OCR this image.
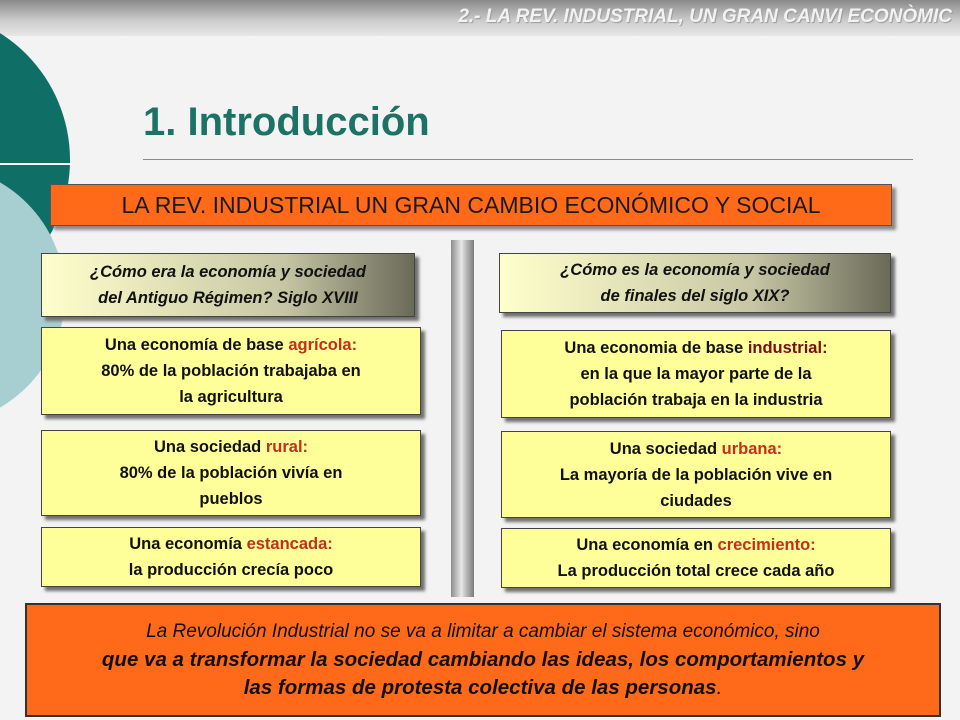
2.- LA REV. INDUSTRIAL, UN GRAN CANVI ECONÒMIC
1. Introducción
LA REV. INDUSTRIAL UN GRAN CAMBIO ECONÓMICO Y SOCIAL
¿Cómo era la economía y sociedad
del Antiguo Régimen? Siglo XVIII
Una economía de base agrícola:
80% de la población trabajaba en
la agricultura
Una sociedad rural:
80% de la población vivía en
pueblos
Una economía estancada:
la producción crecía poco
¿Cómo es la economía y sociedad
de finales del siglo XIX?
Una economia de base industrial:
en la que la mayor parte de la
población trabaja en la industria
Una sociedad urbana:
La mayoría de la población vive en
ciudades
Una economía en crecimiento:
La producción total crece cada año
La Revolución Industrial no se va a limitar a cambiar el sistema económico, sino
que va a transformar la sociedad cambiando las ideas, los comportamientos y
las formas de protesta colectiva de las personas.
